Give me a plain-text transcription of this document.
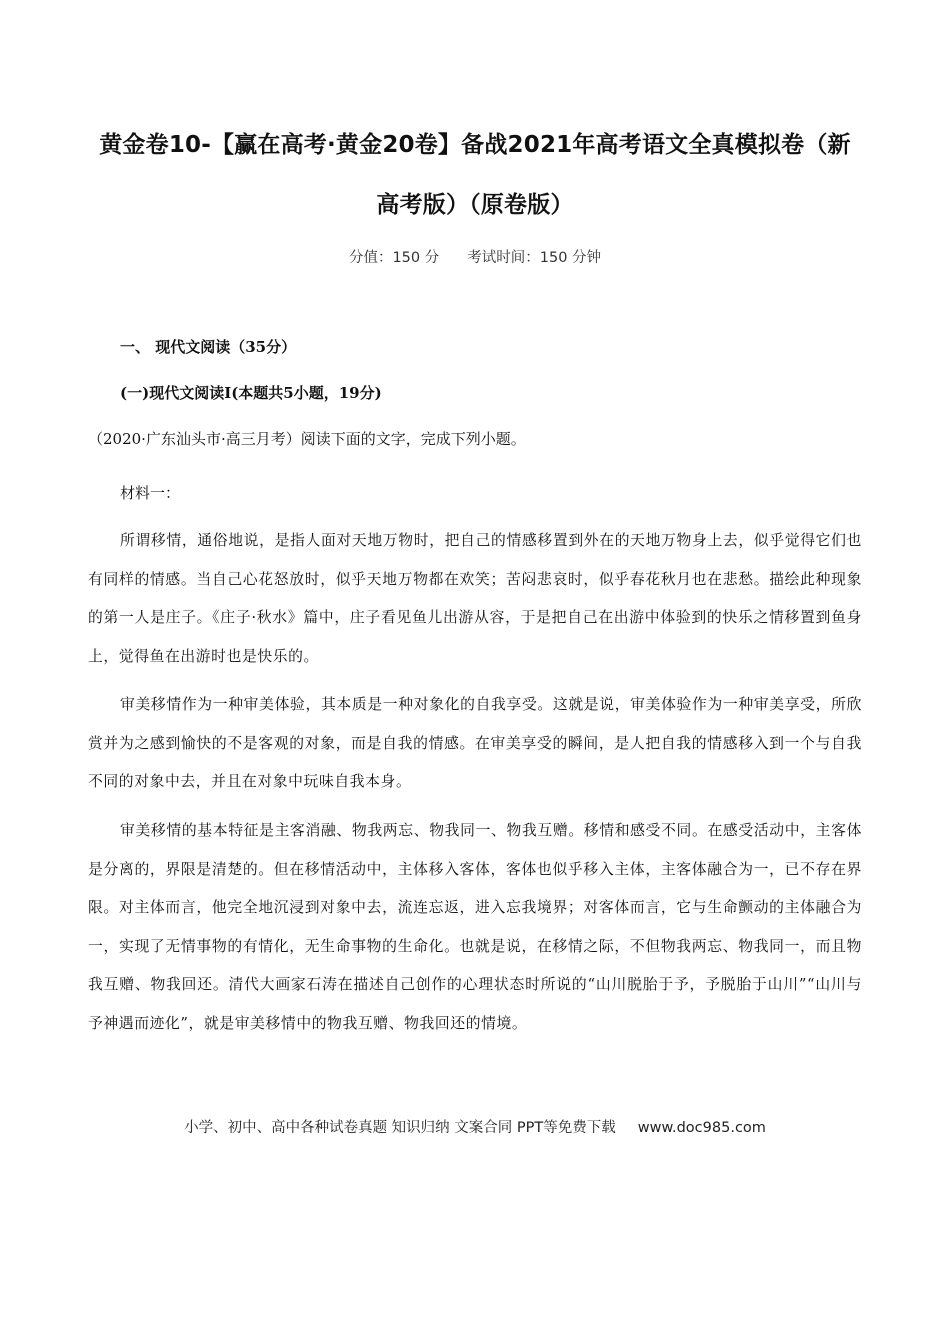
黄金卷10-【赢在高考·黄金20卷】备战2021年高考语文全真模拟卷（新
高考版）（原卷版）
分值：150 分 考试时间：150 分钟
一、 现代文阅读（35分）
(一)现代文阅读Ⅰ(本题共5小题，19分)
（2020·广东汕头市·高三月考）阅读下面的文字，完成下列小题。
材料一：
所谓移情，通俗地说，是指人面对天地万物时，把自己的情感移置到外在的天地万物身上去，似乎觉得它们也有同样的情感。当自己心花怒放时，似乎天地万物都在欢笑；苦闷悲哀时，似乎春花秋月也在悲愁。描绘此种现象的第一人是庄子。《庄子·秋水》篇中，庄子看见鱼儿出游从容，于是把自己在出游中体验到的快乐之情移置到鱼身上，觉得鱼在出游时也是快乐的。
审美移情作为一种审美体验，其本质是一种对象化的自我享受。这就是说，审美体验作为一种审美享受，所欣赏并为之感到愉快的不是客观的对象，而是自我的情感。在审美享受的瞬间，是人把自我的情感移入到一个与自我不同的对象中去，并且在对象中玩味自我本身。
审美移情的基本特征是主客消融、物我两忘、物我同一、物我互赠。移情和感受不同。在感受活动中，主客体是分离的，界限是清楚的。但在移情活动中，主体移入客体，客体也似乎移入主体，主客体融合为一，已不存在界限。对主体而言，他完全地沉浸到对象中去，流连忘返，进入忘我境界；对客体而言，它与生命颤动的主体融合为一，实现了无情事物的有情化，无生命事物的生命化。也就是说，在移情之际，不但物我两忘、物我同一，而且物我互赠、物我回还。清代大画家石涛在描述自己创作的心理状态时所说的“山川脱胎于予，予脱胎于山川”“山川与予神遇而迹化”，就是审美移情中的物我互赠、物我回还的情境。
小学、初中、高中各种试卷真题 知识归纳 文案合同 PPT等免费下载 www.doc985.com
